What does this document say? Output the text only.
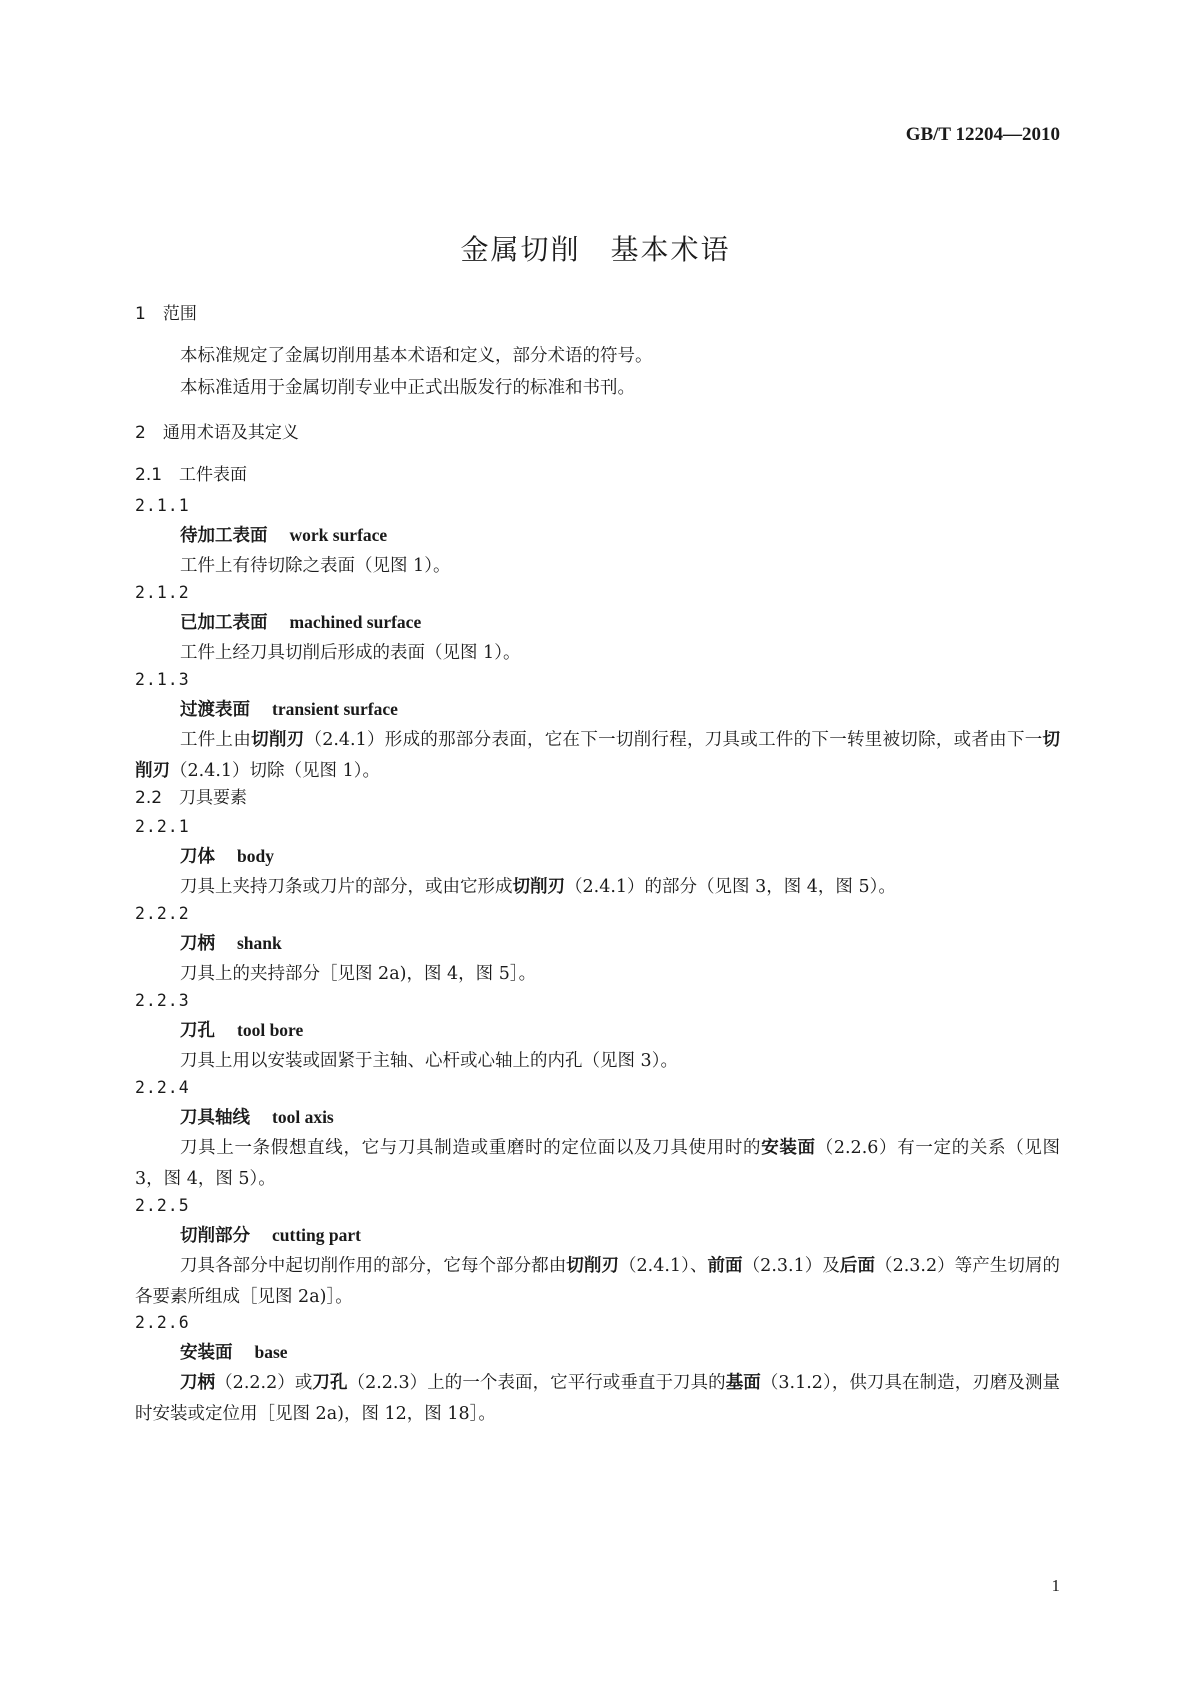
GB/T 12204—2010
金属切削　基本术语
1　范围
本标准规定了金属切削用基本术语和定义，部分术语的符号。
本标准适用于金属切削专业中正式出版发行的标准和书刊。
2　通用术语及其定义
2.1　工件表面
2.2　刀具要素
2.1.1
待加工表面 work surface
工件上有待切除之表面（见图 1）。
2.1.2
已加工表面 machined surface
工件上经刀具切削后形成的表面（见图 1）。
2.1.3
过渡表面 transient surface
工件上由切削刃（2.4.1）形成的那部分表面，它在下一切削行程，刀具或工件的下一转里被切除，或者由下一切削刃（2.4.1）切除（见图 1）。
2.2.1
刀体 body
刀具上夹持刀条或刀片的部分，或由它形成切削刃（2.4.1）的部分（见图 3，图 4，图 5）。
2.2.2
刀柄 shank
刀具上的夹持部分［见图 2a)，图 4，图 5］。
2.2.3
刀孔 tool bore
刀具上用以安装或固紧于主轴、心杆或心轴上的内孔（见图 3）。
2.2.4
刀具轴线 tool axis
刀具上一条假想直线，它与刀具制造或重磨时的定位面以及刀具使用时的安装面（2.2.6）有一定的关系（见图 3，图 4，图 5）。
2.2.5
切削部分 cutting part
刀具各部分中起切削作用的部分，它每个部分都由切削刃（2.4.1）、前面（2.3.1）及后面（2.3.2）等产生切屑的各要素所组成［见图 2a)］。
2.2.6
安装面 base
刀柄（2.2.2）或刀孔（2.2.3）上的一个表面，它平行或垂直于刀具的基面（3.1.2），供刀具在制造，刃磨及测量时安装或定位用［见图 2a)，图 12，图 18］。
1
